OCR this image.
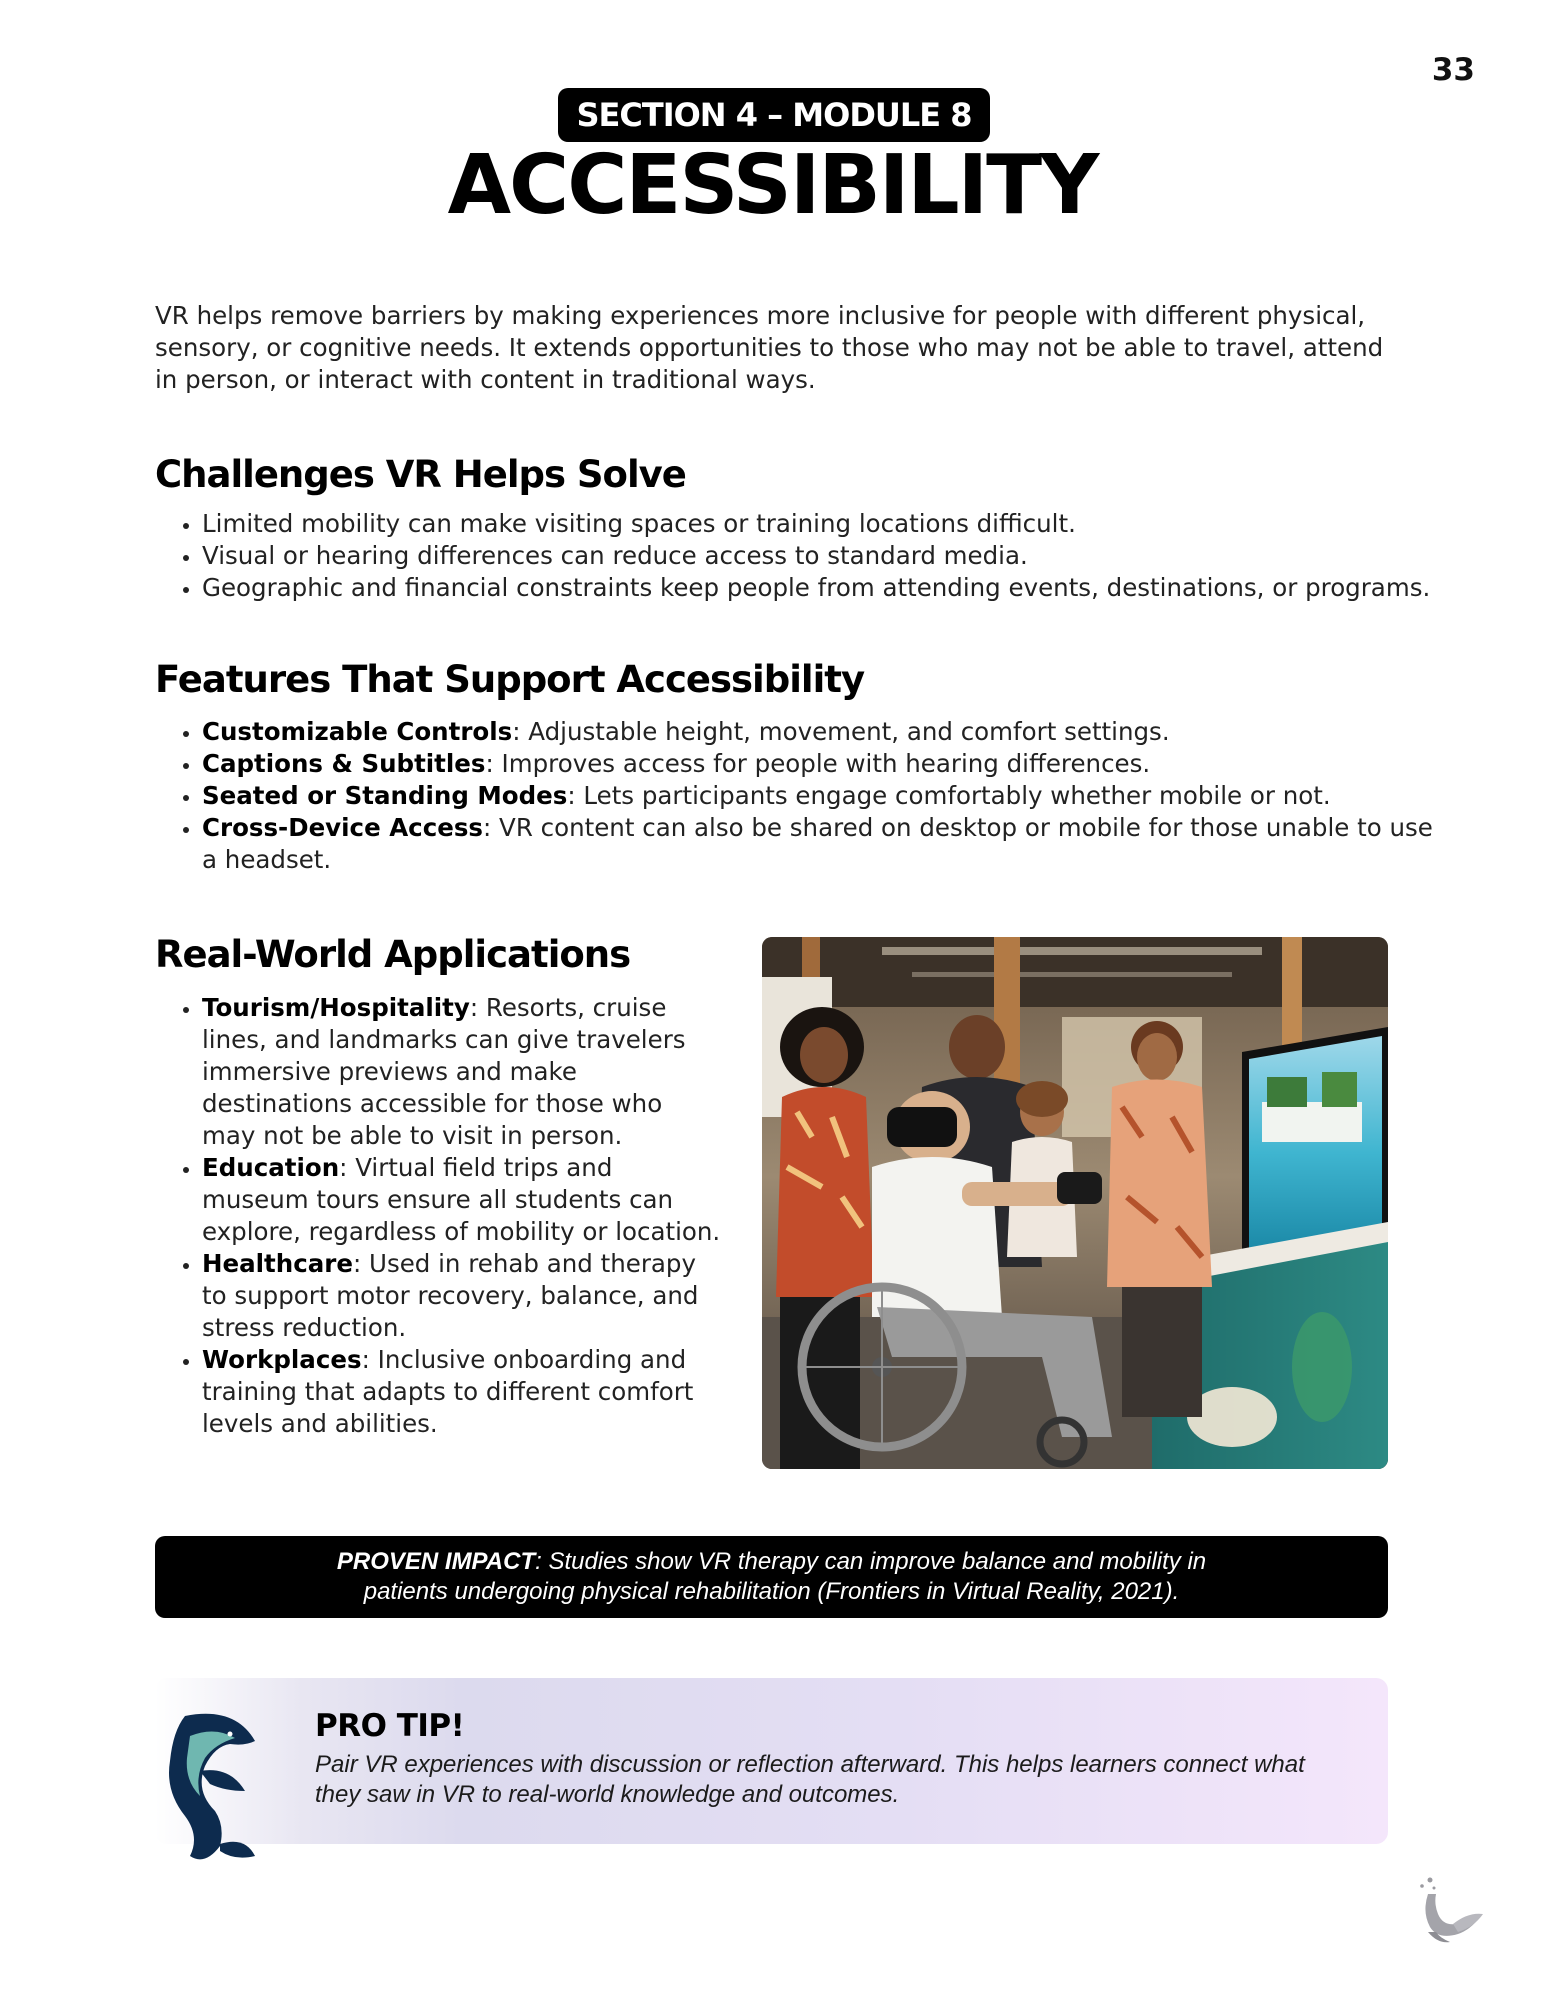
33
SECTION 4 – MODULE 8
ACCESSIBILITY

VR helps remove barriers by making experiences more inclusive for people with different physical, sensory, or cognitive needs. It extends opportunities to those who may not be able to travel, attend in person, or interact with content in traditional ways.

Challenges VR Helps Solve
• Limited mobility can make visiting spaces or training locations difficult.
• Visual or hearing differences can reduce access to standard media.
• Geographic and financial constraints keep people from attending events, destinations, or programs.
Features That Support Accessibility
• Customizable Controls: Adjustable height, movement, and comfort settings.
• Captions & Subtitles: Improves access for people with hearing differences.
• Seated or Standing Modes: Lets participants engage comfortably whether mobile or not.
• Cross-Device Access: VR content can also be shared on desktop or mobile for those unable to use a headset.
Real-World Applications
• Tourism/Hospitality: Resorts, cruise lines, and landmarks can give travelers immersive previews and make destinations accessible for those who may not be able to visit in person.
• Education: Virtual field trips and museum tours ensure all students can explore, regardless of mobility or location.
• Healthcare: Used in rehab and therapy to support motor recovery, balance, and stress reduction.
• Workplaces: Inclusive onboarding and training that adapts to different comfort levels and abilities.
PROVEN IMPACT: Studies show VR therapy can improve balance and mobility in patients undergoing physical rehabilitation (Frontiers in Virtual Reality, 2021).
PRO TIP!

Pair VR experiences with discussion or reflection afterward. This helps learners connect what they saw in VR to real-world knowledge and outcomes.
